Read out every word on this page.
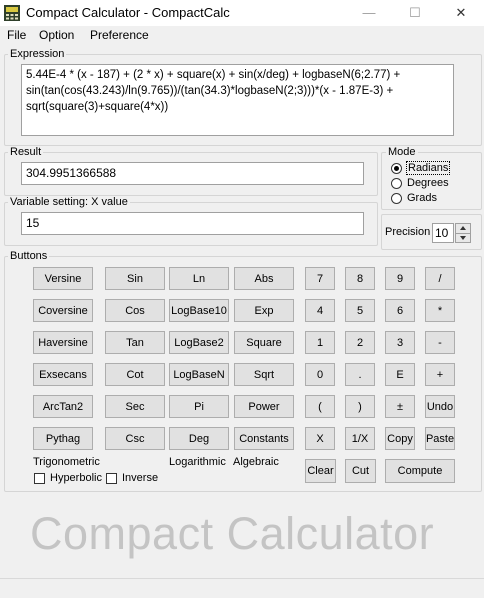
Compact Calculator - CompactCalc	—	☐	✕
File Option Preference
Expression
5.44E-4 * (x - 187) + (2 * x) + square(x) + sin(x/deg) + logbaseN(6;2.77) +
sin(tan(cos(43.243)/ln(9.765))/(tan(34.3)*logbaseN(2;3)))*(x - 1.87E-3) +
sqrt(square(3)+square(4*x))
Result
304.9951366588
Variable setting: X value
15
Mode
Radians
Degrees
Grads
Precision 10
Buttons
Versine
Coversine
Haversine
Exsecans
ArcTan2
Pythag
Sin
Cos
Tan
Cot
Sec
Csc
Ln
LogBase10
LogBase2
LogBaseN
Pi
Deg
Abs
Exp
Square
Sqrt
Power
Constants
7	8	9	/
4	5	6	*
1	2	3	-
0	.	E	+
(	)	±	Undo
X	1/X	Copy Paste
Trigonometric	Logarithmic Algebraic
Hyperbolic Inverse
Clear	Cut	Compute
Compact Calculator
